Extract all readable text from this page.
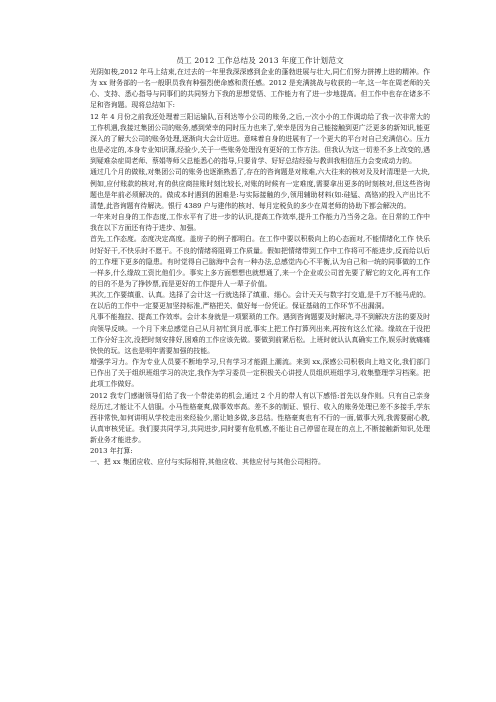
员工 2012 工作总结及 2013 年度工作计划范文

光阴如梭,2012 年马上结束,在过去的一年里我深深感到企业的蓬勃进展与壮大,同仁们努力拼搏上进的精神。作为 xx 财务部的一名一般职员我有种强烈使命感和责任感。2012 是充满挑战与收获的一年,这一年在周老师的关心、支持、悉心指导与同事们的共同努力下我的思想觉悟、工作能力有了进一步地提高。但工作中也存在诸多不足和咨询题。现将总结如下:

12 年 4 月份之前我还处理着三阳运输队,百利达等小公司的账务,之后,一次小小的工作调动给了我一次非常大的工作机遇,我接过集团公司的账务,感到荣幸的同时压力也来了,荣幸是因为自己能接触到更广泛更多的新知识,能更深入的了解大公司的账务处理,逐渐向大会计迈进。意味着自身的进展有了一个更大的平台对自己充满信心。压力也是必定的,本身专业知识薄,经验少,关于一些账务处理没有更好的工作方法。但我认为这一切差不多上改变的,遇到疑难杂症周老师、蔡娟等师父总能悉心的指导,只要肯学、好好总结经验与教训我相信压力会变成动力的。

通过几个月的做账,对集团公司的账务也逐渐熟悉了,存在的咨询题是对账难,六大往来的核对及及时清理是一大块,例如,应付账款的核对,有的供应商挂账时刻比较长,对账的时候有一定难度,需要拿出更多的时刻核对,但这些咨询题也是年前必须解决的。做成本时遇到的困难是:与实际接触的少,领用辅助材料(如:硅锰、高铬)的投入产出比不清楚,此咨询题有待解决。银行 4389 户与建伟的核对、每月定税负的多少在周老师的协助下都会解决的。

一年来对自身的工作态度,工作水平有了进一步的认识,提高工作效率,提升工作能力乃当务之急。在日常的工作中我在以下方面还有待于进步、加强。

首先,工作态度。态度决定高度。盖房子的例子都明白。在工作中要以积极向上的心态面对,不能情绪化工作 快乐时好好干,不快乐时不愿干。不良的情绪将阻碍工作质量。假如把情绪带到工作中工作将可不能进步,反而给以后的工作埋下更多的隐患。有时觉得自己脑海中会有一种办法,总感觉内心不平衡,认为自己和一统的同事做的工作一样多,什么缘故工资比他们少。事实上多方面想想也就想通了,来一个企业或公司首先要了解它的文化,再有工作的目的不是为了挣钞票,而是更好的工作提升人一辈子价值。

其次,工作要缜重、认真。选择了会计这一行就选择了缜重、细心。会计天天与数字打交道,是千万不能马虎的。在以后的工作中一定要更加坚持标准,严格把关、做好每一份凭证。保证基础的工作环节不出漏洞。

凡事不能拖拉、提高工作效率。会计本身就是一项繁琐的工作。遇到咨询题要及时解决,寻不到解决方法的要及时向领导反映。一个月下来总感觉自己从月初忙到月底,事实上把工作打算列出来,再按有这么忙禄。缘故在于没把工作分好主次,没把时刻安排好,困难的工作应该先做。要做到前紧后松。上班时就认认真确实工作,娱乐时就痛痛快快的玩。这也是明年需要加强的技能。

增强学习力。作为专业人员要不断地学习,只有学习才能跟上潮流。来到 xx,深感公司积极向上地文化,我们部门已作出了关于组织班组学习的决定,我作为学习委员一定积极关心讲授人员组织班组学习,收集整理学习档案。把此项工作做好。

2012 我专门感谢领导们给了我一个带徒弟的机会,通过 2 个月的带人有以下感悟:首先以身作则。只有自己亲身经历过,才能让不人信服。小马性格豪爽,做事效率高。差不多的制证、银行、收入的账务处理已差不多接手,学东西非常快,如何讲明从学校走出来经验少,需让她多做,多总结。性格豪爽也有不行的一面,做事大列,我需要耐心教,认真审核凭证。我们要共同学习,共同进步,同时要有危机感,不能让自己停留在现在的点上,不断接触新知识,处理新业务才能进步。

2013 年打算:

一、把 xx 集团应收、应付与实际相符,其他应收、其他应付与其他公司相符。
